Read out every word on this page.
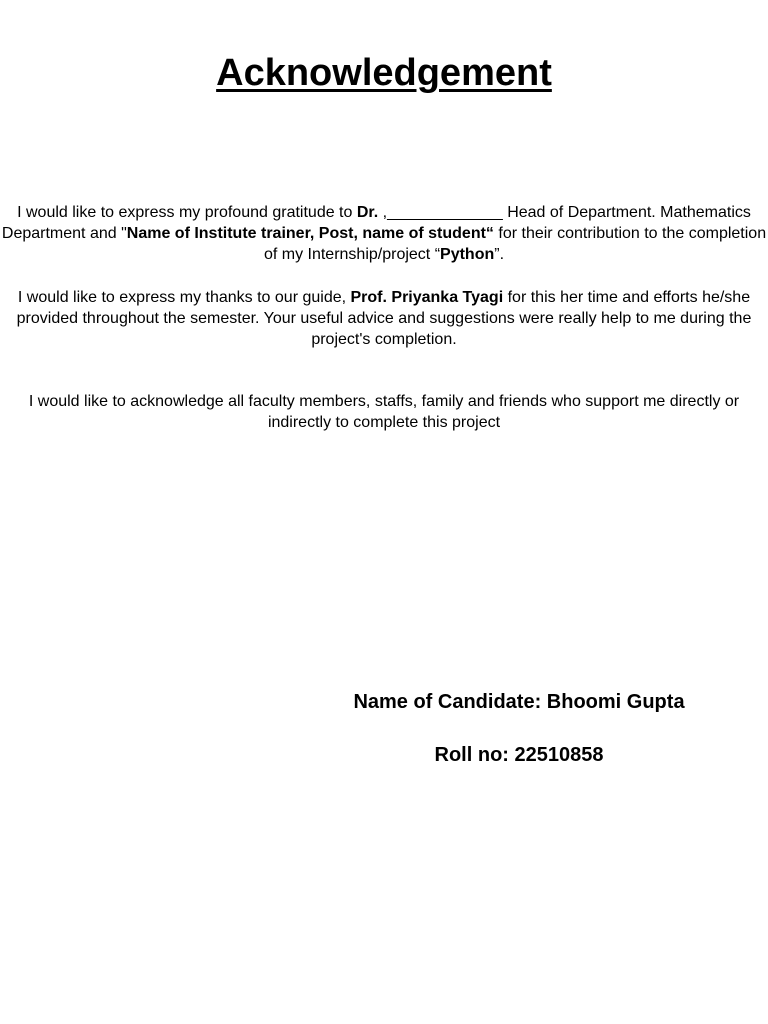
Acknowledgement

I would like to express my profound gratitude to Dr. ,_____________ Head of Department. Mathematics Department and "Name of Institute trainer, Post, name of student“ for their contribution to the completion of my Internship/project “Python”.

I would like to express my thanks to our guide, Prof. Priyanka Tyagi for this her time and efforts he/she provided throughout the semester. Your useful advice and suggestions were really help to me during the project's completion.

I would like to acknowledge all faculty members, staffs, family and friends who support me directly or indirectly to complete this project

Name of Candidate: Bhoomi Gupta

Roll no: 22510858
